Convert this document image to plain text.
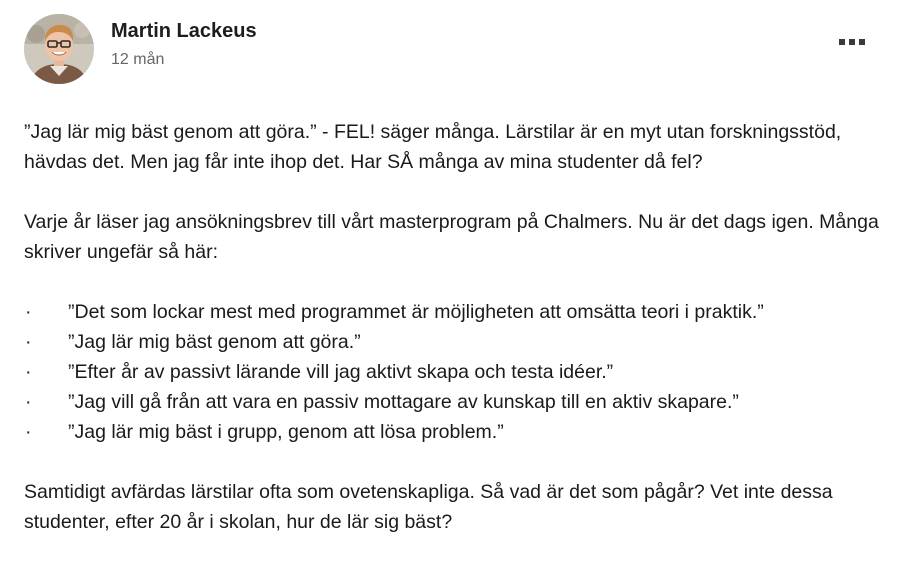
Martin Lackeus
12 mån

”Jag lär mig bäst genom att göra.” - FEL! säger många. Lärstilar är en myt utan forskningsstöd, hävdas det. Men jag får inte ihop det. Har SÅ många av mina studenter då fel?

Varje år läser jag ansökningsbrev till vårt masterprogram på Chalmers. Nu är det dags igen. Många skriver ungefär så här:

· ”Det som lockar mest med programmet är möjligheten att omsätta teori i praktik.”
· ”Jag lär mig bäst genom att göra.”
· ”Efter år av passivt lärande vill jag aktivt skapa och testa idéer.”
· ”Jag vill gå från att vara en passiv mottagare av kunskap till en aktiv skapare.”
· ”Jag lär mig bäst i grupp, genom att lösa problem.”

Samtidigt avfärdas lärstilar ofta som ovetenskapliga. Så vad är det som pågår? Vet inte dessa studenter, efter 20 år i skolan, hur de lär sig bäst?
